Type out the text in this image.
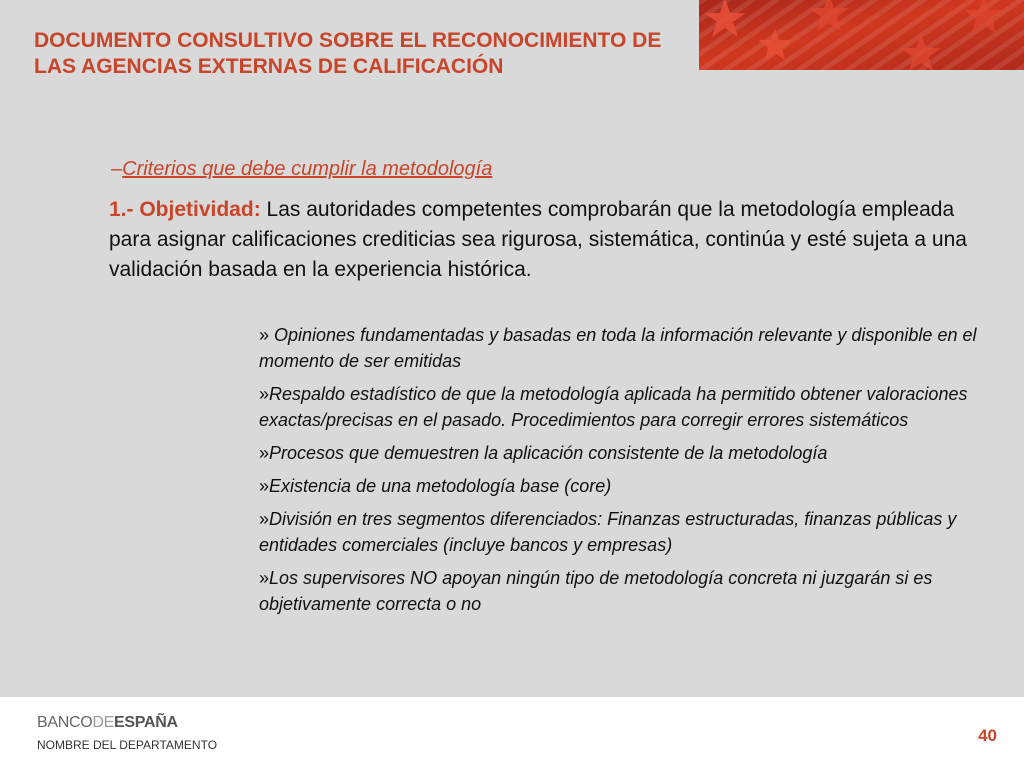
DOCUMENTO CONSULTIVO SOBRE EL RECONOCIMIENTO DE LAS AGENCIAS EXTERNAS DE CALIFICACIÓN
–Criterios que debe cumplir la metodología

1.- Objetividad: Las autoridades competentes comprobarán que la metodología empleada para asignar calificaciones crediticias sea rigurosa, sistemática, continúa y esté sujeta a una validación basada en la experiencia histórica.

» Opiniones fundamentadas y basadas en toda la información relevante y disponible en el momento de ser emitidas
»Respaldo estadístico de que la metodología aplicada ha permitido obtener valoraciones exactas/precisas en el pasado. Procedimientos para corregir errores sistemáticos
»Procesos que demuestren la aplicación consistente de la metodología
»Existencia de una metodología base (core)
»División en tres segmentos diferenciados: Finanzas estructuradas, finanzas públicas y entidades comerciales (incluye bancos y empresas)
»Los supervisores NO apoyan ningún tipo de metodología concreta ni juzgarán si es objetivamente correcta o no
BANCODEESPAÑA
NOMBRE DEL DEPARTAMENTO	40
